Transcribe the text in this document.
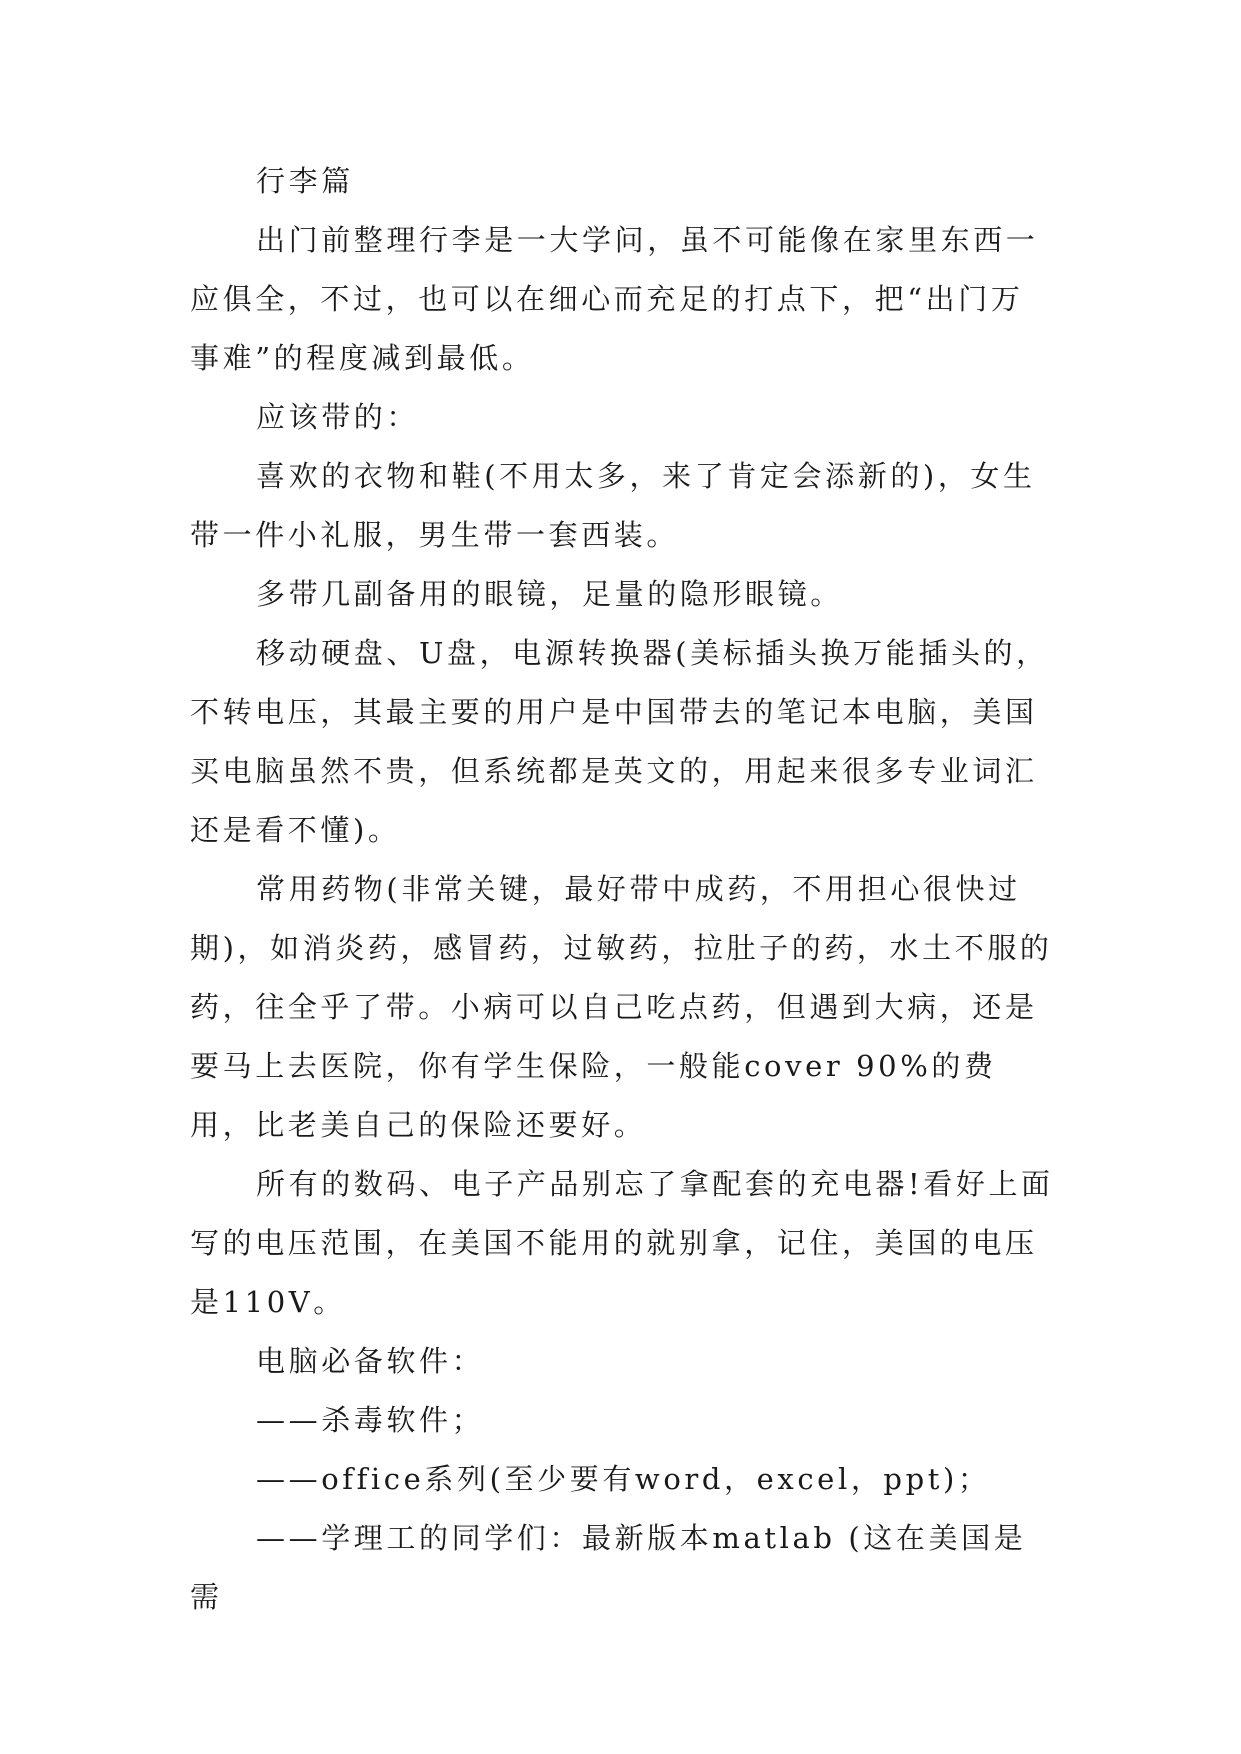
行李篇

出门前整理行李是一大学问，虽不可能像在家里东西一应俱全，不过，也可以在细心而充足的打点下，把“出门万事难”的程度减到最低。

应该带的：

喜欢的衣物和鞋(不用太多，来了肯定会添新的)，女生带一件小礼服，男生带一套西装。

多带几副备用的眼镜，足量的隐形眼镜。

移动硬盘、U盘，电源转换器(美标插头换万能插头的，不转电压，其最主要的用户是中国带去的笔记本电脑，美国买电脑虽然不贵，但系统都是英文的，用起来很多专业词汇还是看不懂)。

常用药物(非常关键，最好带中成药，不用担心很快过期)，如消炎药，感冒药，过敏药，拉肚子的药，水土不服的药，往全乎了带。小病可以自己吃点药，但遇到大病，还是要马上去医院，你有学生保险，一般能cover 90%的费用，比老美自己的保险还要好。

所有的数码、电子产品别忘了拿配套的充电器!看好上面写的电压范围，在美国不能用的就别拿，记住，美国的电压是110V。

电脑必备软件：

——杀毒软件；

——office系列(至少要有word，excel，ppt)；

——学理工的同学们：最新版本matlab (这在美国是需
